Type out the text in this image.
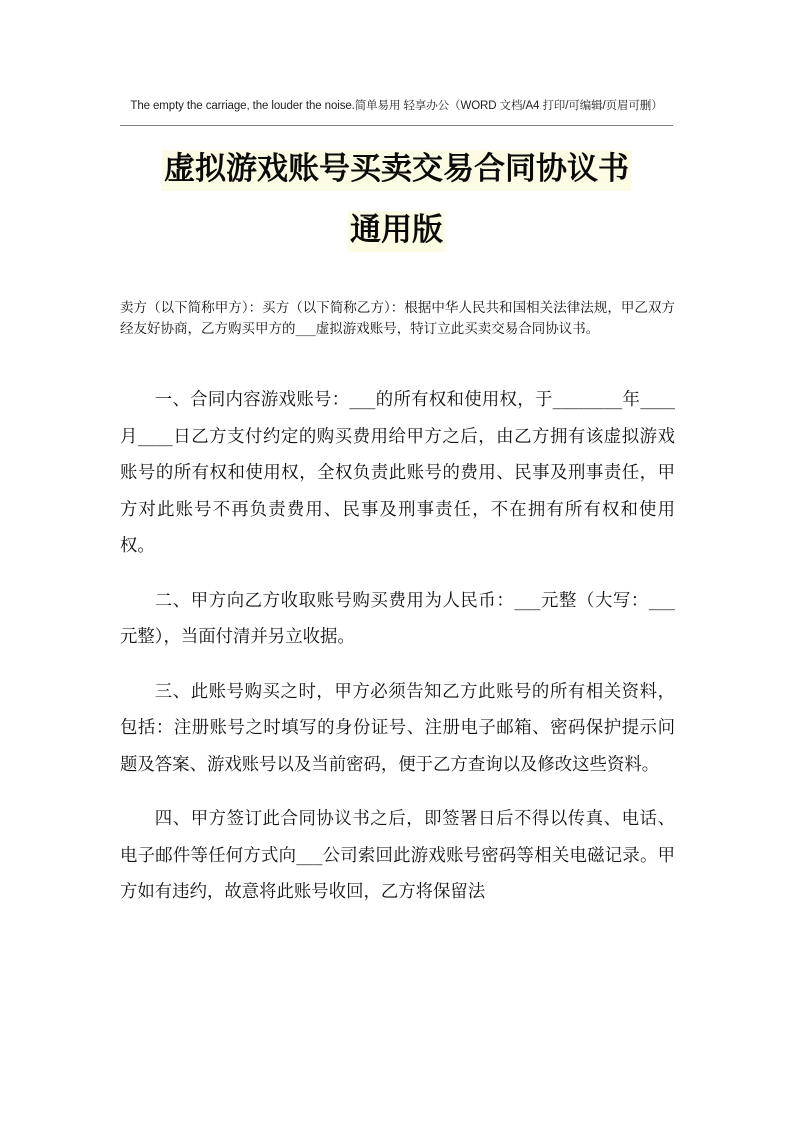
The empty the carriage, the louder the noise.简单易用 轻享办公（WORD 文档/A4 打印/可编辑/页眉可删）
虚拟游戏账号买卖交易合同协议书
通用版

卖方（以下简称甲方）：买方（以下简称乙方）：根据中华人民共和国相关法律法规，甲乙双方经友好协商，乙方购买甲方的___虚拟游戏账号，特订立此买卖交易合同协议书。

一、合同内容游戏账号：___的所有权和使用权，于________年____月____日乙方支付约定的购买费用给甲方之后，由乙方拥有该虚拟游戏账号的所有权和使用权，全权负责此账号的费用、民事及刑事责任，甲方对此账号不再负责费用、民事及刑事责任，不在拥有所有权和使用权。

二、甲方向乙方收取账号购买费用为人民币：___元整（大写：___元整），当面付清并另立收据。

三、此账号购买之时，甲方必须告知乙方此账号的所有相关资料，包括：注册账号之时填写的身份证号、注册电子邮箱、密码保护提示问题及答案、游戏账号以及当前密码，便于乙方查询以及修改这些资料。

四、甲方签订此合同协议书之后，即签署日后不得以传真、电话、电子邮件等任何方式向___公司索回此游戏账号密码等相关电磁记录。甲方如有违约，故意将此账号收回，乙方将保留法
